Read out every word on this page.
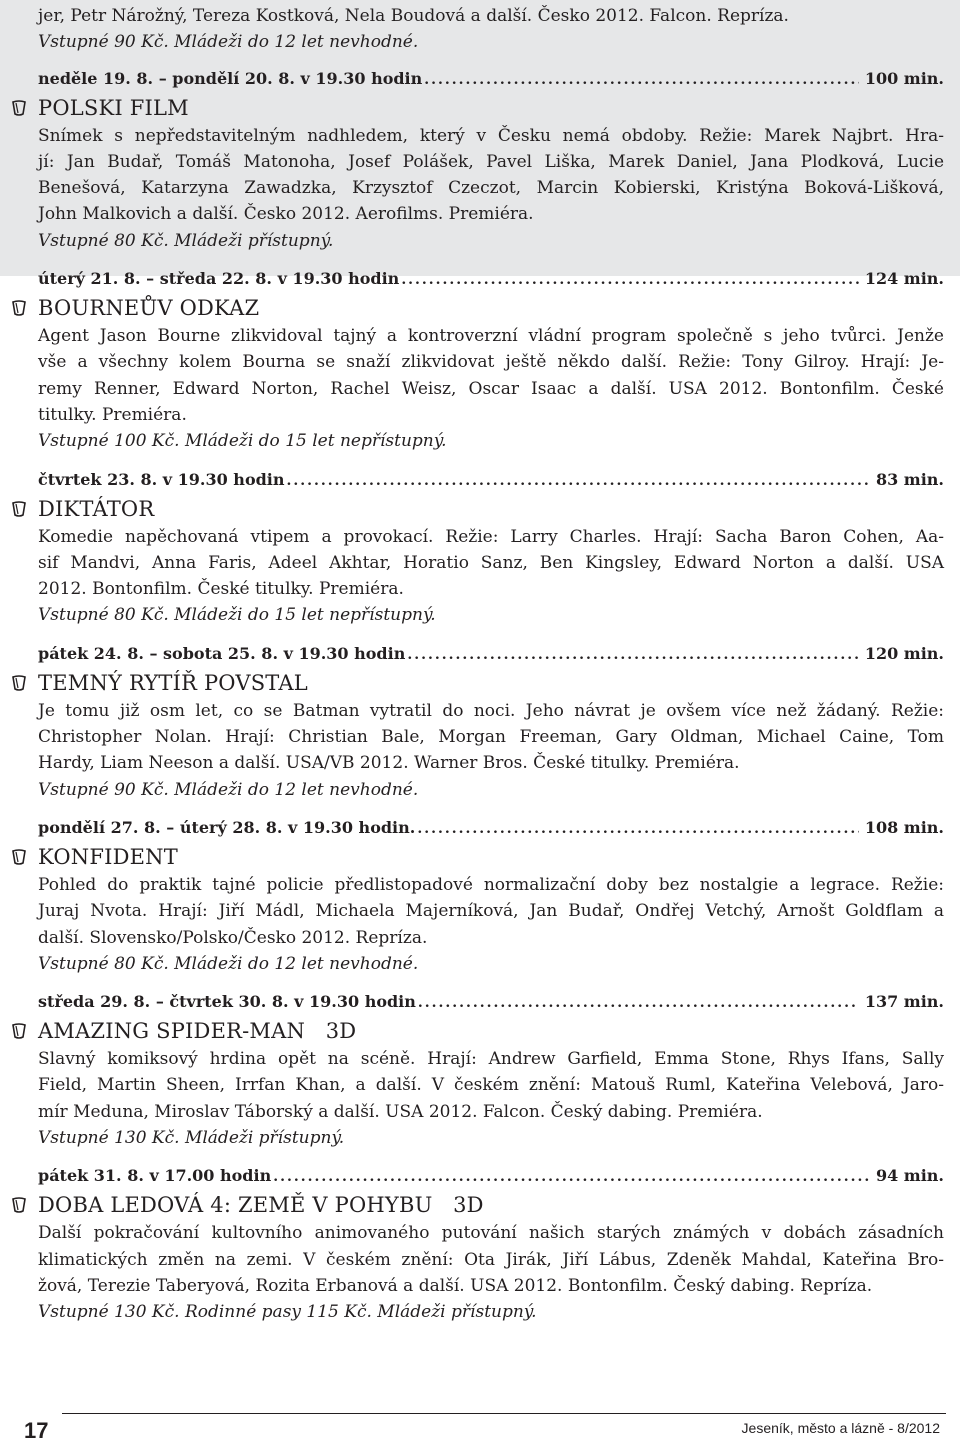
jer, Petr Nárožný, Tereza Kostková, Nela Boudová a další. Česko 2012. Falcon. Repríza.
Vstupné 90 Kč. Mládeži do 12 let nevhodné.
neděle 19. 8. – pondělí 20. 8. v 19.30 hodin .....	100 min.
POLSKI FILM
Snímek s nepředstavitelným nadhledem, který v Česku nemá obdoby. Režie: Marek Najbrt. Hra-
jí: Jan Budař, Tomáš Matonoha, Josef Polášek, Pavel Liška, Marek Daniel, Jana Plodková, Lucie
Benešová, Katarzyna Zawadzka, Krzysztof Czeczot, Marcin Kobierski, Kristýna Boková-Lišková,
John Malkovich a další. Česko 2012. Aerofilms. Premiéra.
Vstupné 80 Kč. Mládeži přístupný.
úterý 21. 8. – středa 22. 8. v 19.30 hodin .....	124 min.
BOURNEŮV ODKAZ
Agent Jason Bourne zlikvidoval tajný a kontroverzní vládní program společně s jeho tvůrci. Jenže
vše a všechny kolem Bourna se snaží zlikvidovat ještě někdo další. Režie: Tony Gilroy. Hrají: Je-
remy Renner, Edward Norton, Rachel Weisz, Oscar Isaac a další. USA 2012. Bontonfilm. České
titulky. Premiéra.
Vstupné 100 Kč. Mládeži do 15 let nepřístupný.
čtvrtek 23. 8. v 19.30 hodin .....	83 min.
DIKTÁTOR
Komedie napěchovaná vtipem a provokací. Režie: Larry Charles. Hrají: Sacha Baron Cohen, Aa-
sif Mandvi, Anna Faris, Adeel Akhtar, Horatio Sanz, Ben Kingsley, Edward Norton a další. USA
2012. Bontonfilm. České titulky. Premiéra.
Vstupné 80 Kč. Mládeži do 15 let nepřístupný.
pátek 24. 8. – sobota 25. 8. v 19.30 hodin .....	120 min.
TEMNÝ RYTÍŘ POVSTAL
Je tomu již osm let, co se Batman vytratil do noci. Jeho návrat je ovšem více než žádaný. Režie:
Christopher Nolan. Hrají: Christian Bale, Morgan Freeman, Gary Oldman, Michael Caine, Tom
Hardy, Liam Neeson a další. USA/VB 2012. Warner Bros. České titulky. Premiéra.
Vstupné 90 Kč. Mládeži do 12 let nevhodné.
pondělí 27. 8. – úterý 28. 8. v 19.30 hodin. .....	108 min.
KONFIDENT
Pohled do praktik tajné policie předlistopadové normalizační doby bez nostalgie a legrace. Režie:
Juraj Nvota. Hrají: Jiří Mádl, Michaela Majerníková, Jan Budař, Ondřej Vetchý, Arnošt Goldflam a
další. Slovensko/Polsko/Česko 2012. Repríza.
Vstupné 80 Kč. Mládeži do 12 let nevhodné.
středa 29. 8. – čtvrtek 30. 8. v 19.30 hodin .....	137 min.
AMAZING SPIDER-MAN   3D
Slavný komiksový hrdina opět na scéně. Hrají: Andrew Garfield, Emma Stone, Rhys Ifans, Sally
Field, Martin Sheen, Irrfan Khan, a další. V českém znění: Matouš Ruml, Kateřina Velebová, Jaro-
mír Meduna, Miroslav Táborský a další. USA 2012. Falcon. Český dabing. Premiéra.
Vstupné 130 Kč. Mládeži přístupný.
pátek 31. 8. v 17.00 hodin .....	94 min.
DOBA LEDOVÁ 4: ZEMĚ V POHYBU   3D
Další pokračování kultovního animovaného putování našich starých známých v dobách zásadních
klimatických změn na zemi. V českém znění: Ota Jirák, Jiří Lábus, Zdeněk Mahdal, Kateřina Bro-
žová, Terezie Taberyová, Rozita Erbanová a další. USA 2012. Bontonfilm. Český dabing. Repríza.
Vstupné 130 Kč. Rodinné pasy 115 Kč. Mládeži přístupný.
17	Jeseník, město a lázně - 8/2012
